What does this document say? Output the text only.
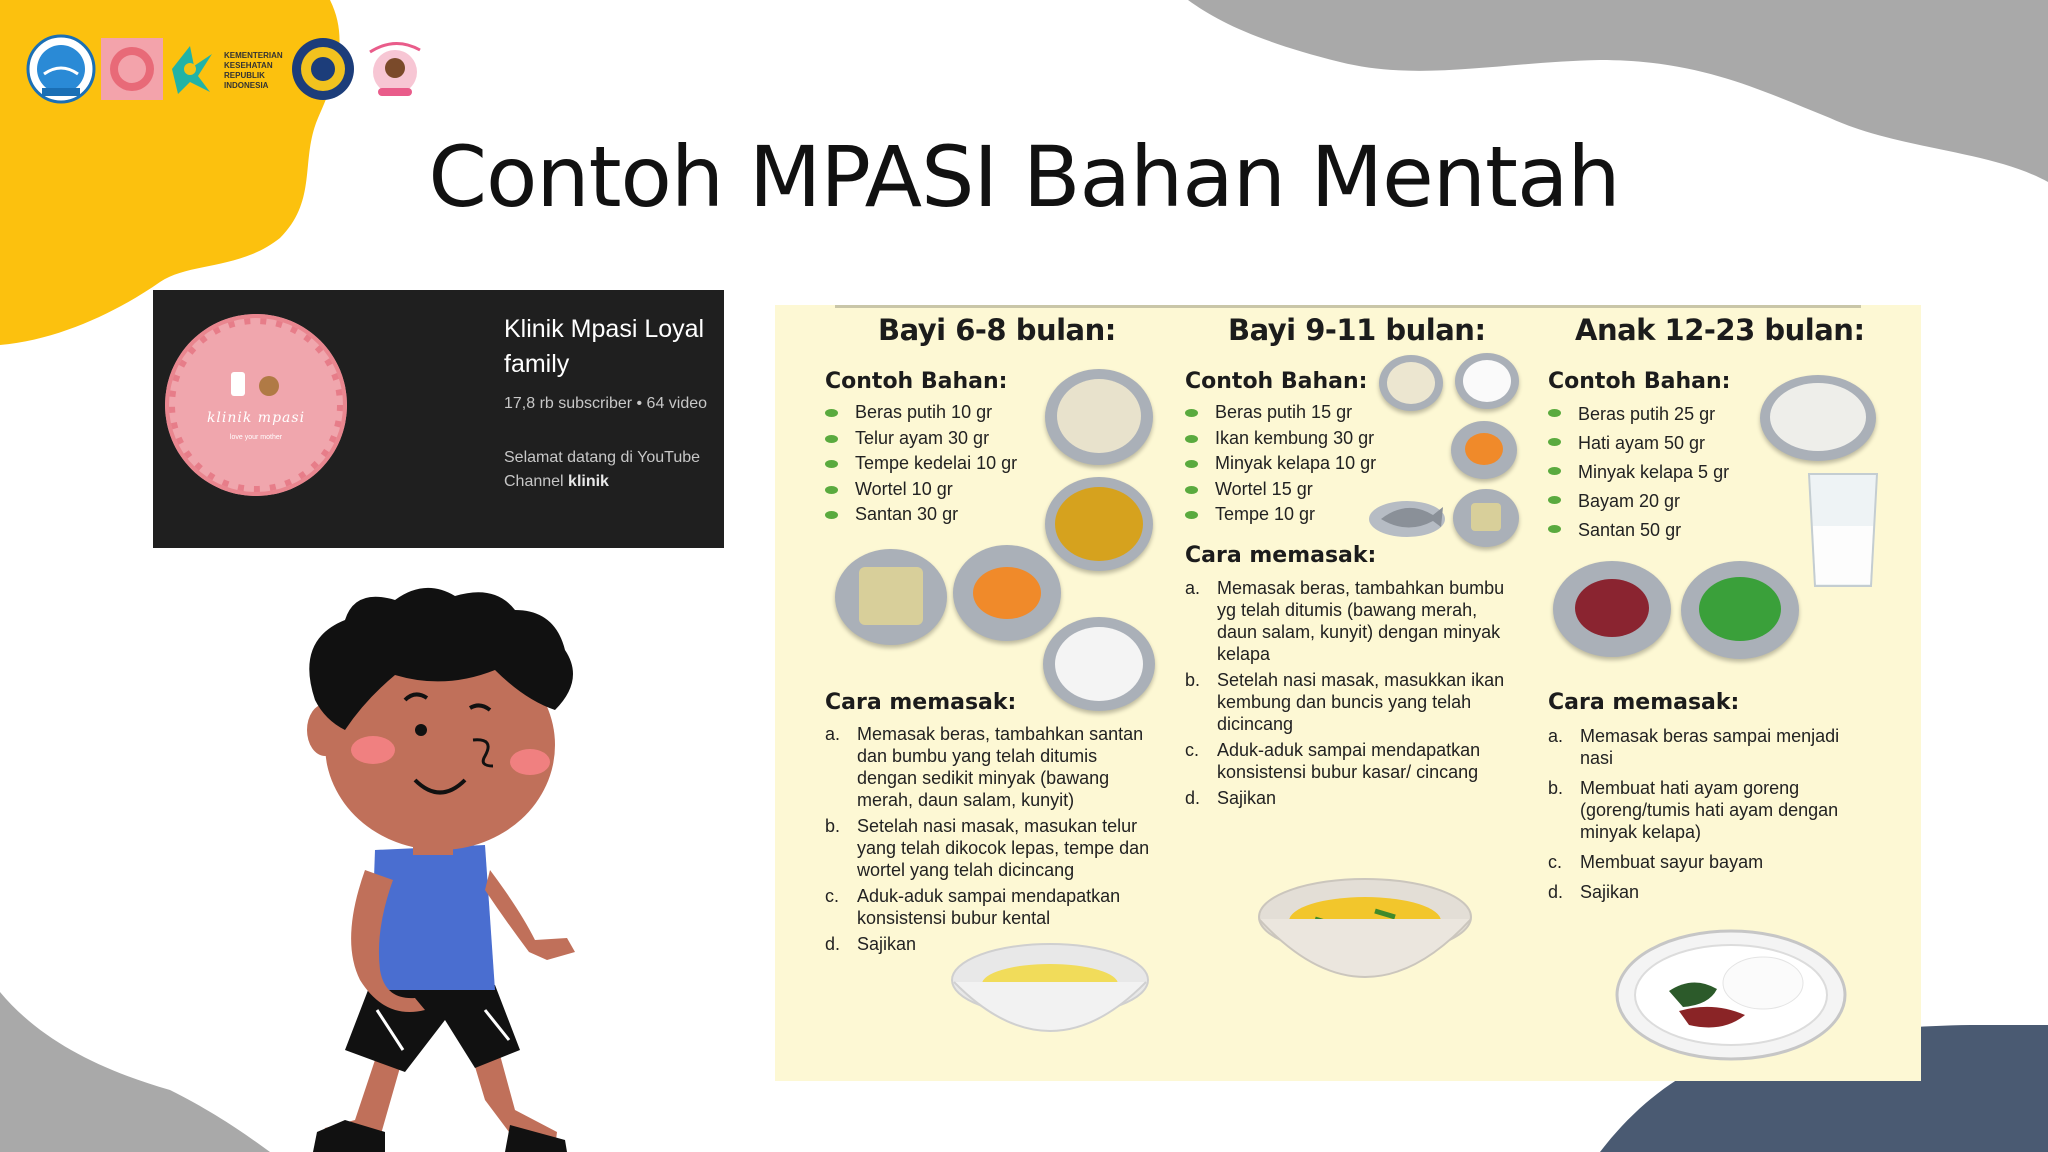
KEMENTERIAN
KESEHATAN
REPUBLIK
INDONESIA
Contoh MPASI Bahan Mentah
klinik mpasi
love your mother
Klinik Mpasi Loyal family
17,8 rb subscriber • 64 video
Selamat datang di YouTube Channel klinik
Bayi 6-8 bulan:
Contoh Bahan:
Beras putih 10 gr
Telur ayam 30 gr
Tempe kedelai 10 gr
Wortel 10 gr
Santan 30 gr
Cara memasak:
a. Memasak beras, tambahkan santan dan bumbu yang telah ditumis dengan sedikit minyak (bawang merah, daun salam, kunyit)
b. Setelah nasi masak, masukan telur yang telah dikocok lepas, tempe dan wortel yang telah dicincang
c. Aduk-aduk sampai mendapatkan konsistensi bubur kental
d. Sajikan
Bayi 9-11 bulan:
Contoh Bahan:
Beras putih 15 gr
Ikan kembung 30 gr
Minyak kelapa 10 gr
Wortel 15 gr
Tempe 10 gr
Cara memasak:
a. Memasak beras, tambahkan bumbu yg telah ditumis (bawang merah, daun salam, kunyit) dengan minyak kelapa
b. Setelah nasi masak, masukkan ikan kembung dan buncis yang telah dicincang
c. Aduk-aduk sampai mendapatkan konsistensi bubur kasar/ cincang
d. Sajikan
Anak 12-23 bulan:
Contoh Bahan:
Beras putih 25 gr
Hati ayam 50 gr
Minyak kelapa 5 gr
Bayam 20 gr
Santan 50 gr
Cara memasak:
a. Memasak beras sampai menjadi nasi
b. Membuat hati ayam goreng (goreng/tumis hati ayam dengan minyak kelapa)
c. Membuat sayur bayam
d. Sajikan
